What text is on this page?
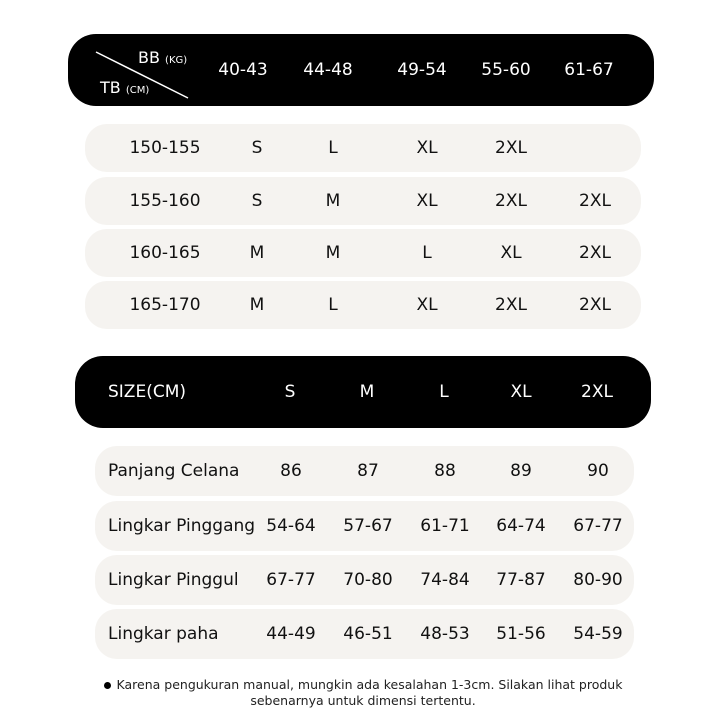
BB (KG)
TB (CM)
40-43	44-48	49-54	55-60	61-67
150-155	S	L	XL	2XL
155-160	S	M	XL	2XL	2XL
160-165	M	M	L	XL	2XL
165-170	M	L	XL	2XL	2XL
SIZE(CM)	S	M	L	XL	2XL
Panjang Celana	86	87	88	89	90
Lingkar Pinggang 54-64	57-67	61-71	64-74	67-77
Lingkar Pinggul	67-77	70-80	74-84	77-87	80-90
Lingkar paha	44-49	46-51	48-53	51-56	54-59
Karena pengukuran manual, mungkin ada kesalahan 1-3cm. Silakan lihat produk
sebenarnya untuk dimensi tertentu.
